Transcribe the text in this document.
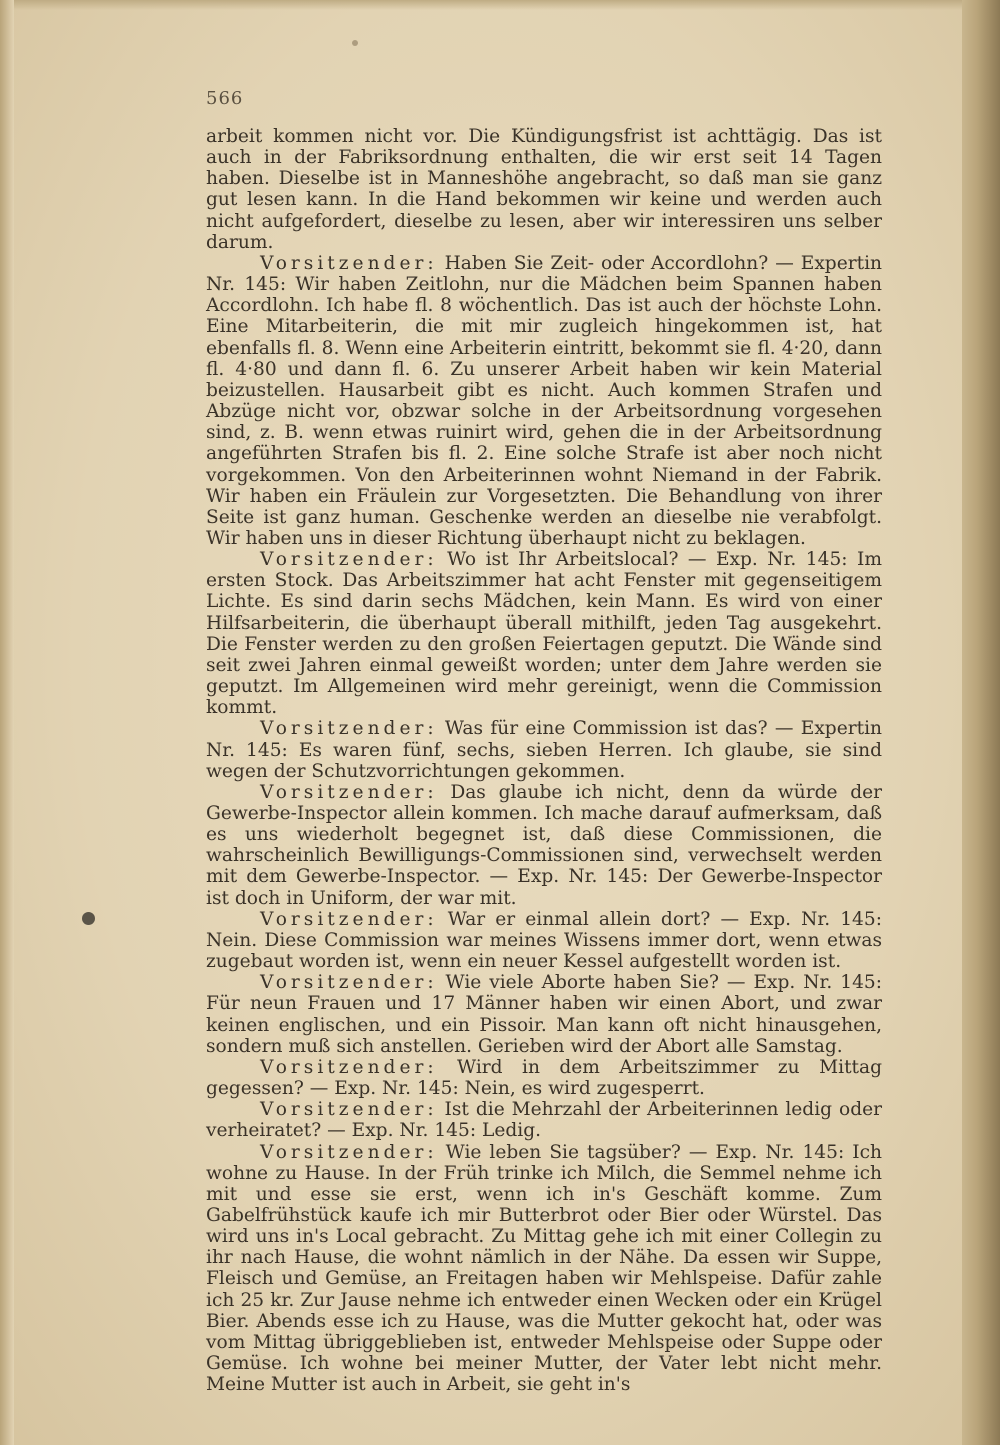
566

arbeit kommen nicht vor. Die Kündigungsfrist ist achttägig. Das ist auch in der Fabriksordnung enthalten, die wir erst seit 14 Tagen haben. Dieselbe ist in Manneshöhe angebracht, so daß man sie ganz gut lesen kann. In die Hand bekommen wir keine und werden auch nicht aufgefordert, dieselbe zu lesen, aber wir interessiren uns selber darum.

Vorsitzender: Haben Sie Zeit- oder Accordlohn? — Expertin Nr. 145: Wir haben Zeitlohn, nur die Mädchen beim Spannen haben Accordlohn. Ich habe fl. 8 wöchentlich. Das ist auch der höchste Lohn. Eine Mitarbeiterin, die mit mir zugleich hingekommen ist, hat ebenfalls fl. 8. Wenn eine Arbeiterin eintritt, bekommt sie fl. 4·20, dann fl. 4·80 und dann fl. 6. Zu unserer Arbeit haben wir kein Material beizustellen. Hausarbeit gibt es nicht. Auch kommen Strafen und Abzüge nicht vor, obzwar solche in der Arbeitsordnung vorgesehen sind, z. B. wenn etwas ruinirt wird, gehen die in der Arbeitsordnung angeführten Strafen bis fl. 2. Eine solche Strafe ist aber noch nicht vorgekommen. Von den Arbeiterinnen wohnt Niemand in der Fabrik. Wir haben ein Fräulein zur Vorgesetzten. Die Behandlung von ihrer Seite ist ganz human. Geschenke werden an dieselbe nie verabfolgt. Wir haben uns in dieser Richtung überhaupt nicht zu beklagen.

Vorsitzender: Wo ist Ihr Arbeitslocal? — Exp. Nr. 145: Im ersten Stock. Das Arbeitszimmer hat acht Fenster mit gegenseitigem Lichte. Es sind darin sechs Mädchen, kein Mann. Es wird von einer Hilfsarbeiterin, die überhaupt überall mithilft, jeden Tag ausgekehrt. Die Fenster werden zu den großen Feiertagen geputzt. Die Wände sind seit zwei Jahren einmal geweißt worden; unter dem Jahre werden sie geputzt. Im Allgemeinen wird mehr gereinigt, wenn die Commission kommt.

Vorsitzender: Was für eine Commission ist das? — Expertin Nr. 145: Es waren fünf, sechs, sieben Herren. Ich glaube, sie sind wegen der Schutzvorrichtungen gekommen.

Vorsitzender: Das glaube ich nicht, denn da würde der Gewerbe-Inspector allein kommen. Ich mache darauf aufmerksam, daß es uns wiederholt begegnet ist, daß diese Commissionen, die wahrscheinlich Bewilligungs-Commissionen sind, verwechselt werden mit dem Gewerbe-Inspector. — Exp. Nr. 145: Der Gewerbe-Inspector ist doch in Uniform, der war mit.

Vorsitzender: War er einmal allein dort? — Exp. Nr. 145: Nein. Diese Commission war meines Wissens immer dort, wenn etwas zugebaut worden ist, wenn ein neuer Kessel aufgestellt worden ist.

Vorsitzender: Wie viele Aborte haben Sie? — Exp. Nr. 145: Für neun Frauen und 17 Männer haben wir einen Abort, und zwar keinen englischen, und ein Pissoir. Man kann oft nicht hinausgehen, sondern muß sich anstellen. Gerieben wird der Abort alle Samstag.

Vorsitzender: Wird in dem Arbeitszimmer zu Mittag gegessen? — Exp. Nr. 145: Nein, es wird zugesperrt.

Vorsitzender: Ist die Mehrzahl der Arbeiterinnen ledig oder verheiratet? — Exp. Nr. 145: Ledig.

Vorsitzender: Wie leben Sie tagsüber? — Exp. Nr. 145: Ich wohne zu Hause. In der Früh trinke ich Milch, die Semmel nehme ich mit und esse sie erst, wenn ich in's Geschäft komme. Zum Gabelfrühstück kaufe ich mir Butterbrot oder Bier oder Würstel. Das wird uns in's Local gebracht. Zu Mittag gehe ich mit einer Collegin zu ihr nach Hause, die wohnt nämlich in der Nähe. Da essen wir Suppe, Fleisch und Gemüse, an Freitagen haben wir Mehlspeise. Dafür zahle ich 25 kr. Zur Jause nehme ich entweder einen Wecken oder ein Krügel Bier. Abends esse ich zu Hause, was die Mutter gekocht hat, oder was vom Mittag übriggeblieben ist, entweder Mehlspeise oder Suppe oder Gemüse. Ich wohne bei meiner Mutter, der Vater lebt nicht mehr. Meine Mutter ist auch in Arbeit, sie geht in's
